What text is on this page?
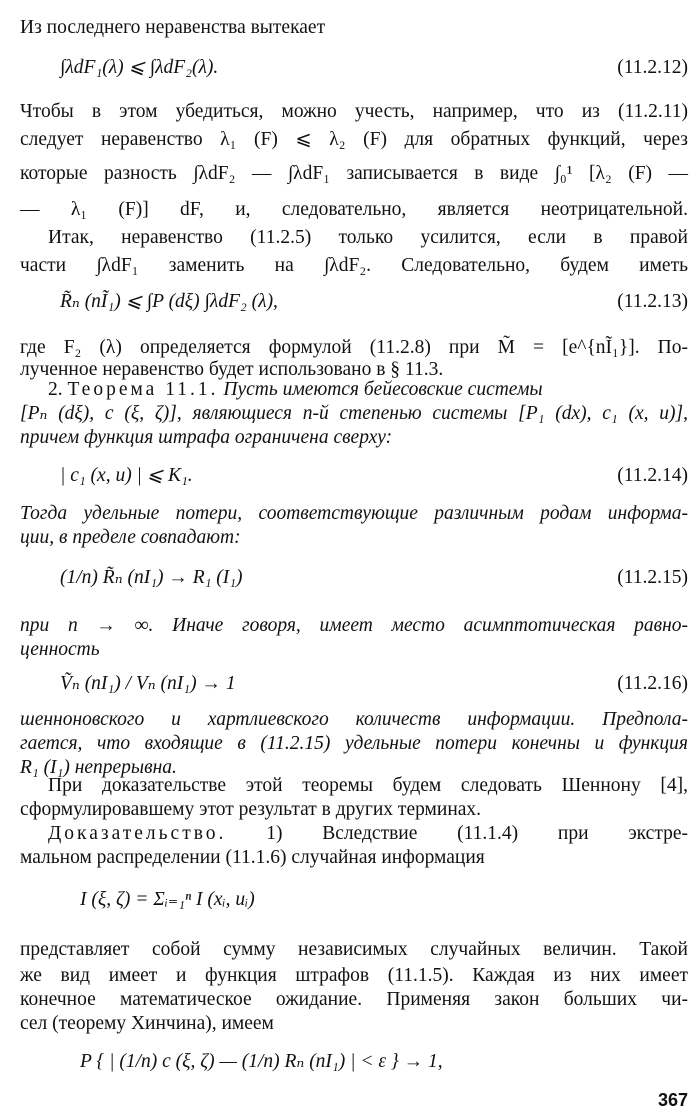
Из последнего неравенства вытекает
∫λdF₁(λ) ⩽ ∫λdF₂(λ).	(11.2.12)
Чтобы в этом убедиться, можно учесть, например, что из (11.2.11)
следует неравенство λ₁ (F) ⩽ λ₂ (F) для обратных функций, через
которые разность ∫λdF₂ — ∫λdF₁ записывается в виде ∫₀¹ [λ₂ (F) —
— λ₁ (F)] dF, и, следовательно, является неотрицательной.
Итак, неравенство (11.2.5) только усилится, если в правой
части ∫λdF₁ заменить на ∫λdF₂. Следовательно, будем иметь
R̃ₙ (nĨ₁) ⩽ ∫P (dξ) ∫λdF₂ (λ),	(11.2.13)
где F₂ (λ) определяется формулой (11.2.8) при M̃ = [e^{nĨ₁}]. По-
лученное неравенство будет использовано в § 11.3.
2. Теорема 11.1. Пусть имеются бейесовские системы
[Pₙ (dξ), c (ξ, ζ)], являющиеся n-й степенью системы [P₁ (dx), c₁ (x, u)],
причем функция штрафа ограничена сверху:
| c₁ (x, u) | ⩽ K₁.	(11.2.14)
Тогда удельные потери, соответствующие различным родам информа-
ции, в пределе совпадают:
(1/n) R̃ₙ (nI₁) → R₁ (I₁)	(11.2.15)
при n → ∞. Иначе говоря, имеет место асимптотическая равно-
ценность
Ṽₙ (nI₁) / Vₙ (nI₁) → 1	(11.2.16)
шенноновского и хартлиевского количеств информации. Предпола-
гается, что входящие в (11.2.15) удельные потери конечны и функция
R₁ (I₁) непрерывна.
При доказательстве этой теоремы будем следовать Шеннону [4],
сформулировавшему этот результат в других терминах.
Доказательство. 1) Вследствие (11.1.4) при экстре-
мальном распределении (11.1.6) случайная информация
I (ξ, ζ) = Σᵢ₌₁ⁿ I (xᵢ, uᵢ)
представляет собой сумму независимых случайных величин. Такой
же вид имеет и функция штрафов (11.1.5). Каждая из них имеет
конечное математическое ожидание. Применяя закон больших чи-
сел (теорему Хинчина), имеем
P { | (1/n) c (ξ, ζ) — (1/n) Rₙ (nI₁) | < ε } → 1,
367
